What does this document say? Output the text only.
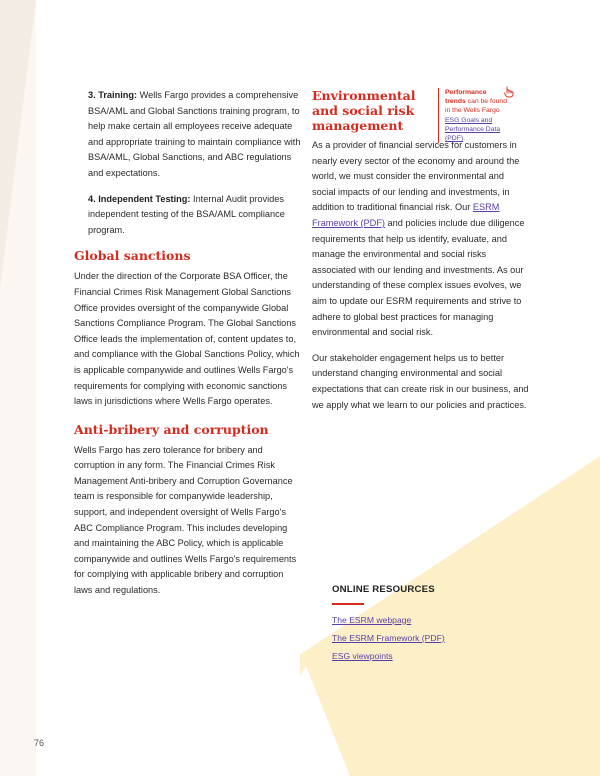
3. Training: Wells Fargo provides a comprehensive BSA/AML and Global Sanctions training program, to help make certain all employees receive adequate and appropriate training to maintain compliance with BSA/AML, Global Sanctions, and ABC regulations and expectations.
4. Independent Testing: Internal Audit provides independent testing of the BSA/AML compliance program.
Global sanctions

Under the direction of the Corporate BSA Officer, the Financial Crimes Risk Management Global Sanctions Office provides oversight of the companywide Global Sanctions Compliance Program. The Global Sanctions Office leads the implementation of, content updates to, and compliance with the Global Sanctions Policy, which is applicable companywide and outlines Wells Fargo's requirements for complying with economic sanctions laws in jurisdictions where Wells Fargo operates.

Anti-bribery and corruption

Wells Fargo has zero tolerance for bribery and corruption in any form. The Financial Crimes Risk Management Anti-bribery and Corruption Governance team is responsible for companywide leadership, support, and independent oversight of Wells Fargo's ABC Compliance Program. This includes developing and maintaining the ABC Policy, which is applicable companywide and outlines Wells Fargo's requirements for complying with applicable bribery and corruption laws and regulations.

Environmental and social risk management
Performance trends can be found in the Wells Fargo ESG Goals and Performance Data (PDF).
As a provider of financial services for customers in nearly every sector of the economy and around the world, we must consider the environmental and social impacts of our lending and investments, in addition to traditional financial risk. Our ESRM Framework (PDF) and policies include due diligence requirements that help us identify, evaluate, and manage the environmental and social risks associated with our lending and investments. As our understanding of these complex issues evolves, we aim to update our ESRM requirements and strive to adhere to global best practices for managing environmental and social risk.

Our stakeholder engagement helps us to better understand changing environmental and social expectations that can create risk in our business, and we apply what we learn to our policies and practices.

ONLINE RESOURCES
The ESRM webpage
The ESRM Framework (PDF)
ESG viewpoints
76
